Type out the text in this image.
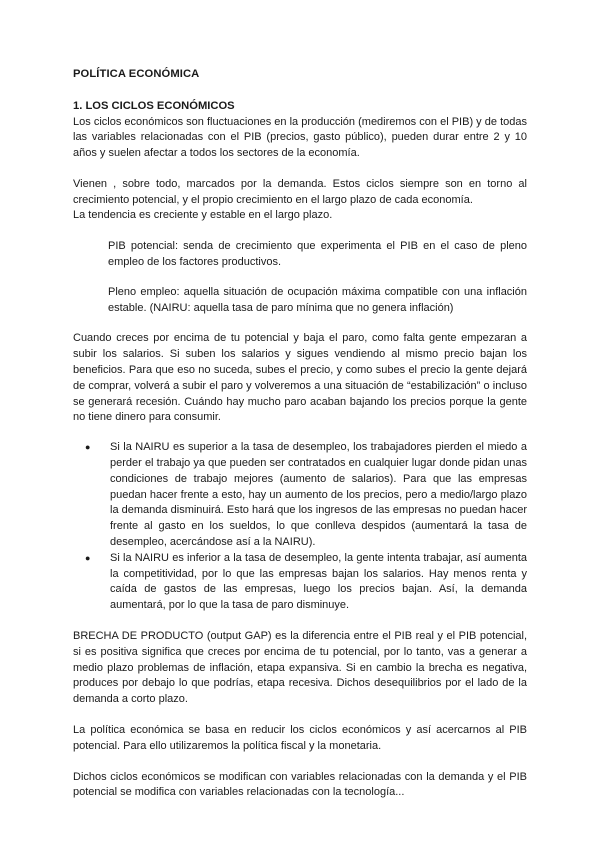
POLÍTICA ECONÓMICA
1. LOS CICLOS ECONÓMICOS

Los ciclos económicos son fluctuaciones en la producción (mediremos con el PIB) y de todas las variables relacionadas con el PIB (precios, gasto público), pueden durar entre 2 y 10 años y suelen afectar a todos los sectores de la economía.

Vienen , sobre todo, marcados por la demanda. Estos ciclos siempre son en torno al crecimiento potencial, y el propio crecimiento en el largo plazo de cada economía.

La tendencia es creciente y estable en el largo plazo.

PIB potencial: senda de crecimiento que experimenta el PIB en el caso de pleno empleo de los factores productivos.

Pleno empleo: aquella situación de ocupación máxima compatible con una inflación estable. (NAIRU: aquella tasa de paro mínima que no genera inflación)

Cuando creces por encima de tu potencial y baja el paro, como falta gente empezaran a subir los salarios. Si suben los salarios y sigues vendiendo al mismo precio bajan los beneficios. Para que eso no suceda, subes el precio, y como subes el precio la gente dejará de comprar, volverá a subir el paro y volveremos a una situación de “estabilización” o incluso se generará recesión. Cuándo hay mucho paro acaban bajando los precios porque la gente no tiene dinero para consumir.

● Si la NAIRU es superior a la tasa de desempleo, los trabajadores pierden el miedo a perder el trabajo ya que pueden ser contratados en cualquier lugar donde pidan unas condiciones de trabajo mejores (aumento de salarios). Para que las empresas puedan hacer frente a esto, hay un aumento de los precios, pero a medio/largo plazo la demanda disminuirá. Esto hará que los ingresos de las empresas no puedan hacer frente al gasto en los sueldos, lo que conlleva despidos (aumentará la tasa de desempleo, acercándose así a la NAIRU).
● Si la NAIRU es inferior a la tasa de desempleo, la gente intenta trabajar, así aumenta la competitividad, por lo que las empresas bajan los salarios. Hay menos renta y caída de gastos de las empresas, luego los precios bajan. Así, la demanda aumentará, por lo que la tasa de paro disminuye.

BRECHA DE PRODUCTO (output GAP) es la diferencia entre el PIB real y el PIB potencial, si es positiva significa que creces por encima de tu potencial, por lo tanto, vas a generar a medio plazo problemas de inflación, etapa expansiva. Si en cambio la brecha es negativa, produces por debajo lo que podrías, etapa recesiva. Dichos desequilibrios por el lado de la demanda a corto plazo.

La política económica se basa en reducir los ciclos económicos y así acercarnos al PIB potencial. Para ello utilizaremos la política fiscal y la monetaria.

Dichos ciclos económicos se modifican con variables relacionadas con la demanda y el PIB potencial se modifica con variables relacionadas con la tecnología...
